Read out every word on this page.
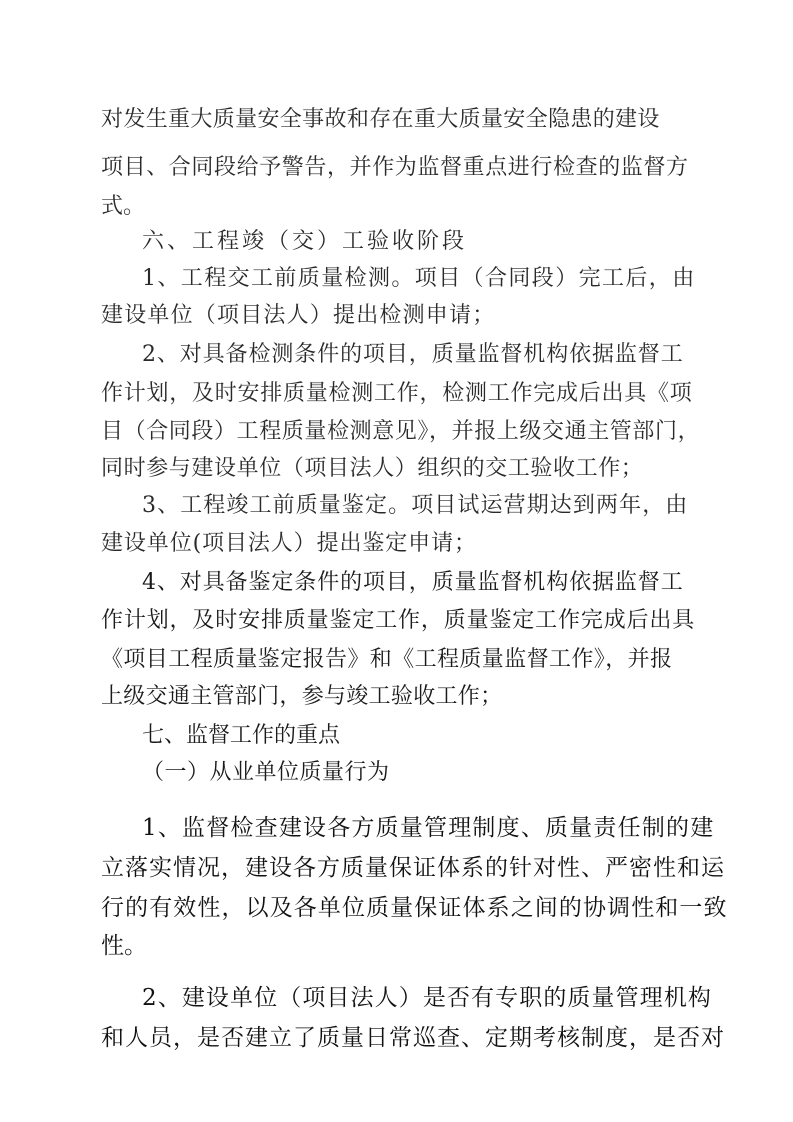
对发生重大质量安全事故和存在重大质量安全隐患的建设
项目、合同段给予警告，并作为监督重点进行检查的监督方
式。
六、工程竣（交）工验收阶段
1、工程交工前质量检测。项目（合同段）完工后，由
建设单位（项目法人）提出检测申请；
2、对具备检测条件的项目，质量监督机构依据监督工
作计划，及时安排质量检测工作，检测工作完成后出具《项
目（合同段）工程质量检测意见》，并报上级交通主管部门，
同时参与建设单位（项目法人）组织的交工验收工作；
3、工程竣工前质量鉴定。项目试运营期达到两年，由
建设单位(项目法人）提出鉴定申请；
4、对具备鉴定条件的项目，质量监督机构依据监督工
作计划，及时安排质量鉴定工作，质量鉴定工作完成后出具
《项目工程质量鉴定报告》和《工程质量监督工作》，并报
上级交通主管部门，参与竣工验收工作；
七、监督工作的重点
（一）从业单位质量行为
1、监督检查建设各方质量管理制度、质量责任制的建
立落实情况，建设各方质量保证体系的针对性、严密性和运
行的有效性，以及各单位质量保证体系之间的协调性和一致
性。
2、建设单位（项目法人）是否有专职的质量管理机构
和人员，是否建立了质量日常巡查、定期考核制度，是否对
